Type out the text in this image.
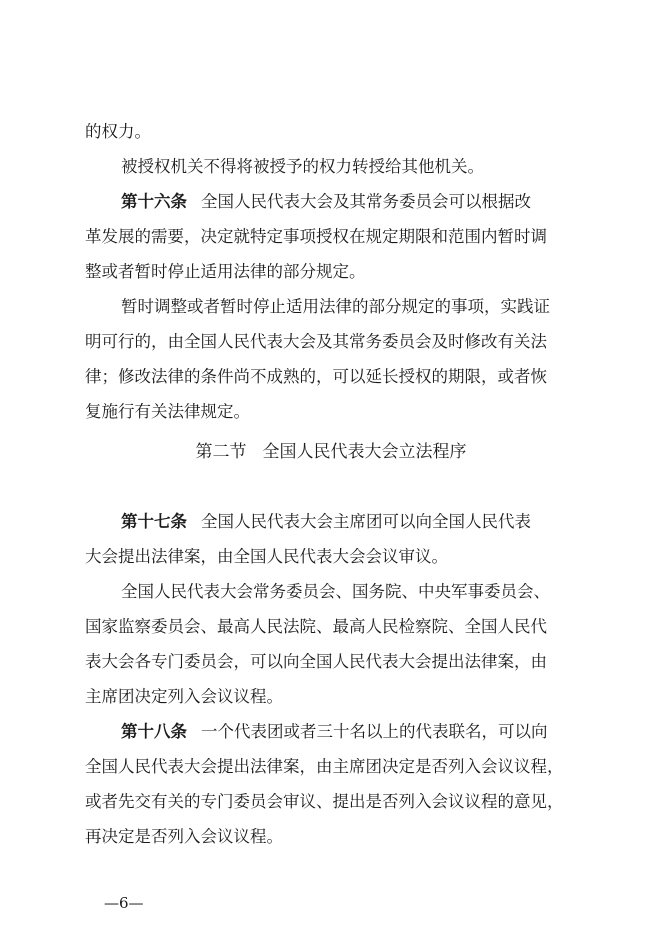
的权力。
被授权机关不得将被授予的权力转授给其他机关。
第十六条 全国人民代表大会及其常务委员会可以根据改
革发展的需要，决定就特定事项授权在规定期限和范围内暂时调
整或者暂时停止适用法律的部分规定。
暂时调整或者暂时停止适用法律的部分规定的事项，实践证
明可行的，由全国人民代表大会及其常务委员会及时修改有关法
律；修改法律的条件尚不成熟的，可以延长授权的期限，或者恢
复施行有关法律规定。
第二节 全国人民代表大会立法程序
第十七条 全国人民代表大会主席团可以向全国人民代表
大会提出法律案，由全国人民代表大会会议审议。
全国人民代表大会常务委员会、国务院、中央军事委员会、
国家监察委员会、最高人民法院、最高人民检察院、全国人民代
表大会各专门委员会，可以向全国人民代表大会提出法律案，由
主席团决定列入会议议程。
第十八条 一个代表团或者三十名以上的代表联名，可以向
全国人民代表大会提出法律案，由主席团决定是否列入会议议程，
或者先交有关的专门委员会审议、提出是否列入会议议程的意见，
再决定是否列入会议议程。
—6—
